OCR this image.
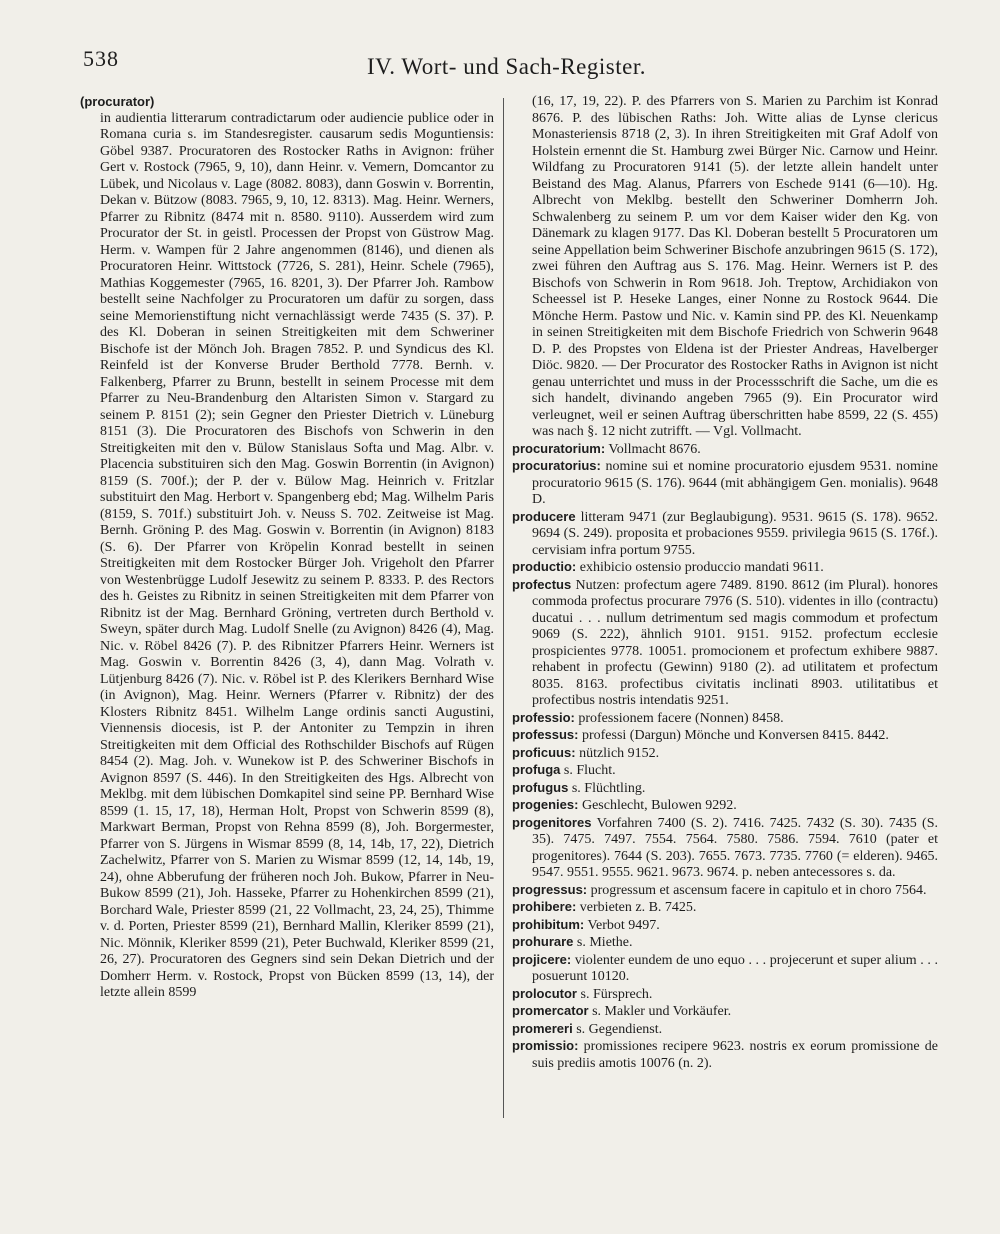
538	IV. Wort- und Sach-Register.
(procurator)
in audientia litterarum contradictarum oder audiencie publice oder in Romana curia s. im Standesregister. causarum sedis Moguntiensis: Göbel 9387. Procuratoren des Rostocker Raths in Avignon: früher Gert v. Rostock (7965, 9, 10), dann Heinr. v. Vemern, Domcantor zu Lübek, und Nicolaus v. Lage (8082. 8083), dann Goswin v. Borrentin, Dekan v. Bützow (8083. 7965, 9, 10, 12. 8313). Mag. Heinr. Werners, Pfarrer zu Ribnitz (8474 mit n. 8580. 9110). Ausserdem wird zum Procurator der St. in geistl. Processen der Propst von Güstrow Mag. Herm. v. Wampen für 2 Jahre angenommen (8146), und dienen als Procuratoren Heinr. Wittstock (7726, S. 281), Heinr. Schele (7965), Mathias Koggemester (7965, 16. 8201, 3). Der Pfarrer Joh. Rambow bestellt seine Nachfolger zu Procuratoren um dafür zu sorgen, dass seine Memorienstiftung nicht vernachlässigt werde 7435 (S. 37). P. des Kl. Doberan in seinen Streitigkeiten mit dem Schweriner Bischofe ist der Mönch Joh. Bragen 7852. P. und Syndicus des Kl. Reinfeld ist der Konverse Bruder Berthold 7778. Bernh. v. Falkenberg, Pfarrer zu Brunn, bestellt in seinem Processe mit dem Pfarrer zu Neu-Brandenburg den Altaristen Simon v. Stargard zu seinem P. 8151 (2); sein Gegner den Priester Dietrich v. Lüneburg 8151 (3). Die Procuratoren des Bischofs von Schwerin in den Streitigkeiten mit den v. Bülow Stanislaus Softa und Mag. Albr. v. Placencia substituiren sich den Mag. Goswin Borrentin (in Avignon) 8159 (S. 700f.); der P. der v. Bülow Mag. Heinrich v. Fritzlar substituirt den Mag. Herbort v. Spangenberg ebd; Mag. Wilhelm Paris (8159, S. 701f.) substituirt Joh. v. Neuss S. 702. Zeitweise ist Mag. Bernh. Gröning P. des Mag. Goswin v. Borrentin (in Avignon) 8183 (S. 6). Der Pfarrer von Kröpelin Konrad bestellt in seinen Streitigkeiten mit dem Rostocker Bürger Joh. Vrigeholt den Pfarrer von Westenbrügge Ludolf Jesewitz zu seinem P. 8333. P. des Rectors des h. Geistes zu Ribnitz in seinen Streitigkeiten mit dem Pfarrer von Ribnitz ist der Mag. Bernhard Gröning, vertreten durch Berthold v. Sweyn, später durch Mag. Ludolf Snelle (zu Avignon) 8426 (4), Mag. Nic. v. Röbel 8426 (7). P. des Ribnitzer Pfarrers Heinr. Werners ist Mag. Goswin v. Borrentin 8426 (3, 4), dann Mag. Volrath v. Lütjenburg 8426 (7). Nic. v. Röbel ist P. des Klerikers Bernhard Wise (in Avignon), Mag. Heinr. Werners (Pfarrer v. Ribnitz) der des Klosters Ribnitz 8451. Wilhelm Lange ordinis sancti Augustini, Viennensis diocesis, ist P. der Antoniter zu Tempzin in ihren Streitigkeiten mit dem Official des Rothschilder Bischofs auf Rügen 8454 (2). Mag. Joh. v. Wunekow ist P. des Schweriner Bischofs in Avignon 8597 (S. 446). In den Streitigkeiten des Hgs. Albrecht von Meklbg. mit dem lübischen Domkapitel sind seine PP. Bernhard Wise 8599 (1. 15, 17, 18), Herman Holt, Propst von Schwerin 8599 (8), Markwart Berman, Propst von Rehna 8599 (8), Joh. Borgermester, Pfarrer von S. Jürgens in Wismar 8599 (8, 14, 14b, 17, 22), Dietrich Zachelwitz, Pfarrer von S. Marien zu Wismar 8599 (12, 14, 14b, 19, 24), ohne Abberufung der früheren noch Joh. Bukow, Pfarrer in Neu-Bukow 8599 (21), Joh. Hasseke, Pfarrer zu Hohenkirchen 8599 (21), Borchard Wale, Priester 8599 (21, 22 Vollmacht, 23, 24, 25), Thimme v. d. Porten, Priester 8599 (21), Bernhard Mallin, Kleriker 8599 (21), Nic. Mönnik, Kleriker 8599 (21), Peter Buchwald, Kleriker 8599 (21, 26, 27). Procuratoren des Gegners sind sein Dekan Dietrich und der Domherr Herm. v. Rostock, Propst von Bücken 8599 (13, 14), der letzte allein 8599

(16, 17, 19, 22). P. des Pfarrers von S. Marien zu Parchim ist Konrad 8676. P. des lübischen Raths: Joh. Witte alias de Lynse clericus Monasteriensis 8718 (2, 3). In ihren Streitigkeiten mit Graf Adolf von Holstein ernennt die St. Hamburg zwei Bürger Nic. Carnow und Heinr. Wildfang zu Procuratoren 9141 (5). der letzte allein handelt unter Beistand des Mag. Alanus, Pfarrers von Eschede 9141 (6—10). Hg. Albrecht von Meklbg. bestellt den Schweriner Domherrn Joh. Schwalenberg zu seinem P. um vor dem Kaiser wider den Kg. von Dänemark zu klagen 9177. Das Kl. Doberan bestellt 5 Procuratoren um seine Appellation beim Schweriner Bischofe anzubringen 9615 (S. 172), zwei führen den Auftrag aus S. 176. Mag. Heinr. Werners ist P. des Bischofs von Schwerin in Rom 9618. Joh. Treptow, Archidiakon von Scheessel ist P. Heseke Langes, einer Nonne zu Rostock 9644. Die Mönche Herm. Pastow und Nic. v. Kamin sind PP. des Kl. Neuenkamp in seinen Streitigkeiten mit dem Bischofe Friedrich von Schwerin 9648 D. P. des Propstes von Eldena ist der Priester Andreas, Havelberger Diöc. 9820. — Der Procurator des Rostocker Raths in Avignon ist nicht genau unterrichtet und muss in der Processschrift die Sache, um die es sich handelt, divinando angeben 7965 (9). Ein Procurator wird verleugnet, weil er seinen Auftrag überschritten habe 8599, 22 (S. 455) was nach §. 12 nicht zutrifft. — Vgl. Vollmacht.

procuratorium: Vollmacht 8676.

procuratorius: nomine sui et nomine procuratorio ejusdem 9531. nomine procuratorio 9615 (S. 176). 9644 (mit abhängigem Gen. monialis). 9648 D.

producere litteram 9471 (zur Beglaubigung). 9531. 9615 (S. 178). 9652. 9694 (S. 249). proposita et probaciones 9559. privilegia 9615 (S. 176f.). cervisiam infra portum 9755.

productio: exhibicio ostensio produccio mandati 9611.

profectus Nutzen: profectum agere 7489. 8190. 8612 (im Plural). honores commoda profectus procurare 7976 (S. 510). videntes in illo (contractu) ducatui . . . nullum detrimentum sed magis commodum et profectum 9069 (S. 222), ähnlich 9101. 9151. 9152. profectum ecclesie prospicientes 9778. 10051. promocionem et profectum exhibere 9887. rehabent in profectu (Gewinn) 9180 (2). ad utilitatem et profectum 8035. 8163. profectibus civitatis inclinati 8903. utilitatibus et profectibus nostris intendatis 9251.

professio: professionem facere (Nonnen) 8458.

professus: professi (Dargun) Mönche und Konversen 8415. 8442.

proficuus: nützlich 9152.

profuga s. Flucht.

profugus s. Flüchtling.

progenies: Geschlecht, Bulowen 9292.

progenitores Vorfahren 7400 (S. 2). 7416. 7425. 7432 (S. 30). 7435 (S. 35). 7475. 7497. 7554. 7564. 7580. 7586. 7594. 7610 (pater et progenitores). 7644 (S. 203). 7655. 7673. 7735. 7760 (= elderen). 9465. 9547. 9551. 9555. 9621. 9673. 9674. p. neben antecessores s. da.

progressus: progressum et ascensum facere in capitulo et in choro 7564.

prohibere: verbieten z. B. 7425.

prohibitum: Verbot 9497.

prohurare s. Miethe.

projicere: violenter eundem de uno equo . . . projecerunt et super alium . . . posuerunt 10120.

prolocutor s. Fürsprech.

promercator s. Makler und Vorkäufer.

promereri s. Gegendienst.

promissio: promissiones recipere 9623. nostris ex eorum promissione de suis prediis amotis 10076 (n. 2).
